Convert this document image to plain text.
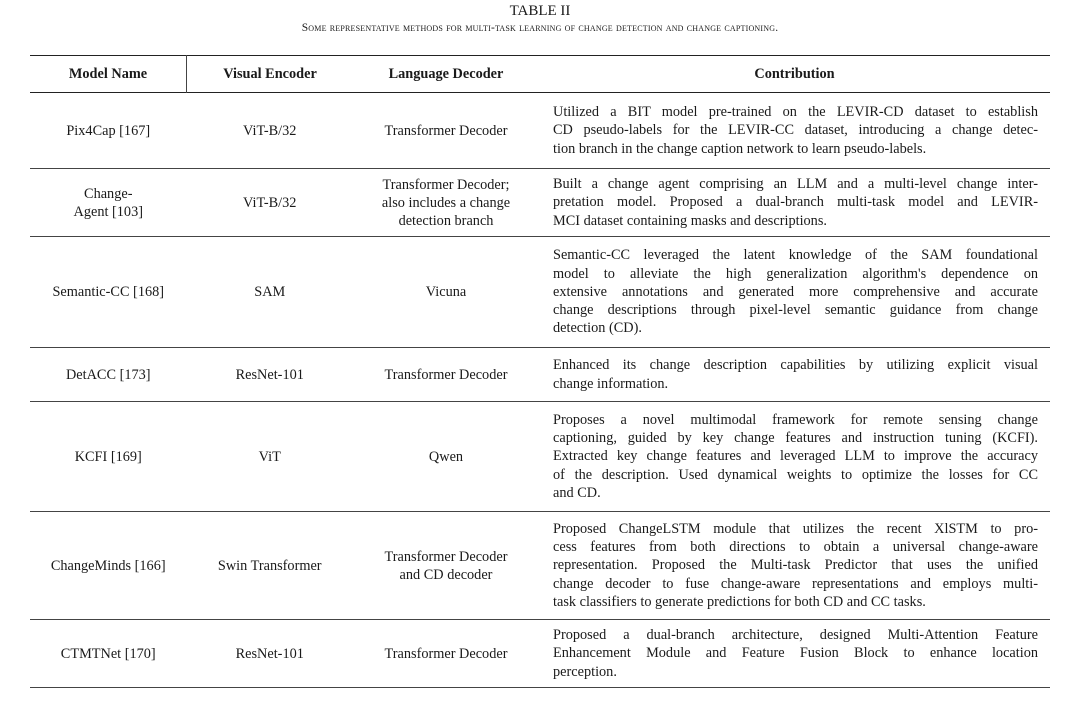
TABLE II
Some representative methods for multi-task learning of change detection and change captioning.
Model Name	Visual Encoder	Language Decoder	Contribution

Pix4Cap [167]	ViT-B/32	Transformer Decoder	Utilized a BIT model pre-trained on the LEVIR-CD dataset to establish
CD pseudo-labels for the LEVIR-CC dataset, introducing a change detec-
tion branch in the change caption network to learn pseudo-labels.

Change-
Agent [103]	ViT-B/32	Transformer Decoder;
also includes a change
detection branch	Built a change agent comprising an LLM and a multi-level change inter-
pretation model. Proposed a dual-branch multi-task model and LEVIR-
MCI dataset containing masks and descriptions.

Semantic-CC [168]	SAM	Vicuna	Semantic-CC leveraged the latent knowledge of the SAM foundational
model to alleviate the high generalization algorithm's dependence on
extensive annotations and generated more comprehensive and accurate
change descriptions through pixel-level semantic guidance from change
detection (CD).

DetACC [173]	ResNet-101	Transformer Decoder	Enhanced its change description capabilities by utilizing explicit visual
change information.

KCFI [169]	ViT	Qwen	Proposes a novel multimodal framework for remote sensing change
captioning, guided by key change features and instruction tuning (KCFI).
Extracted key change features and leveraged LLM to improve the accuracy
of the description. Used dynamical weights to optimize the losses for CC
and CD.

ChangeMinds [166]	Swin Transformer	Transformer Decoder
and CD decoder	Proposed ChangeLSTM module that utilizes the recent XlSTM to pro-
cess features from both directions to obtain a universal change-aware
representation. Proposed the Multi-task Predictor that uses the unified
change decoder to fuse change-aware representations and employs multi-
task classifiers to generate predictions for both CD and CC tasks.

CTMTNet [170]	ResNet-101	Transformer Decoder	Proposed a dual-branch architecture, designed Multi-Attention Feature
Enhancement Module and Feature Fusion Block to enhance location
perception.
